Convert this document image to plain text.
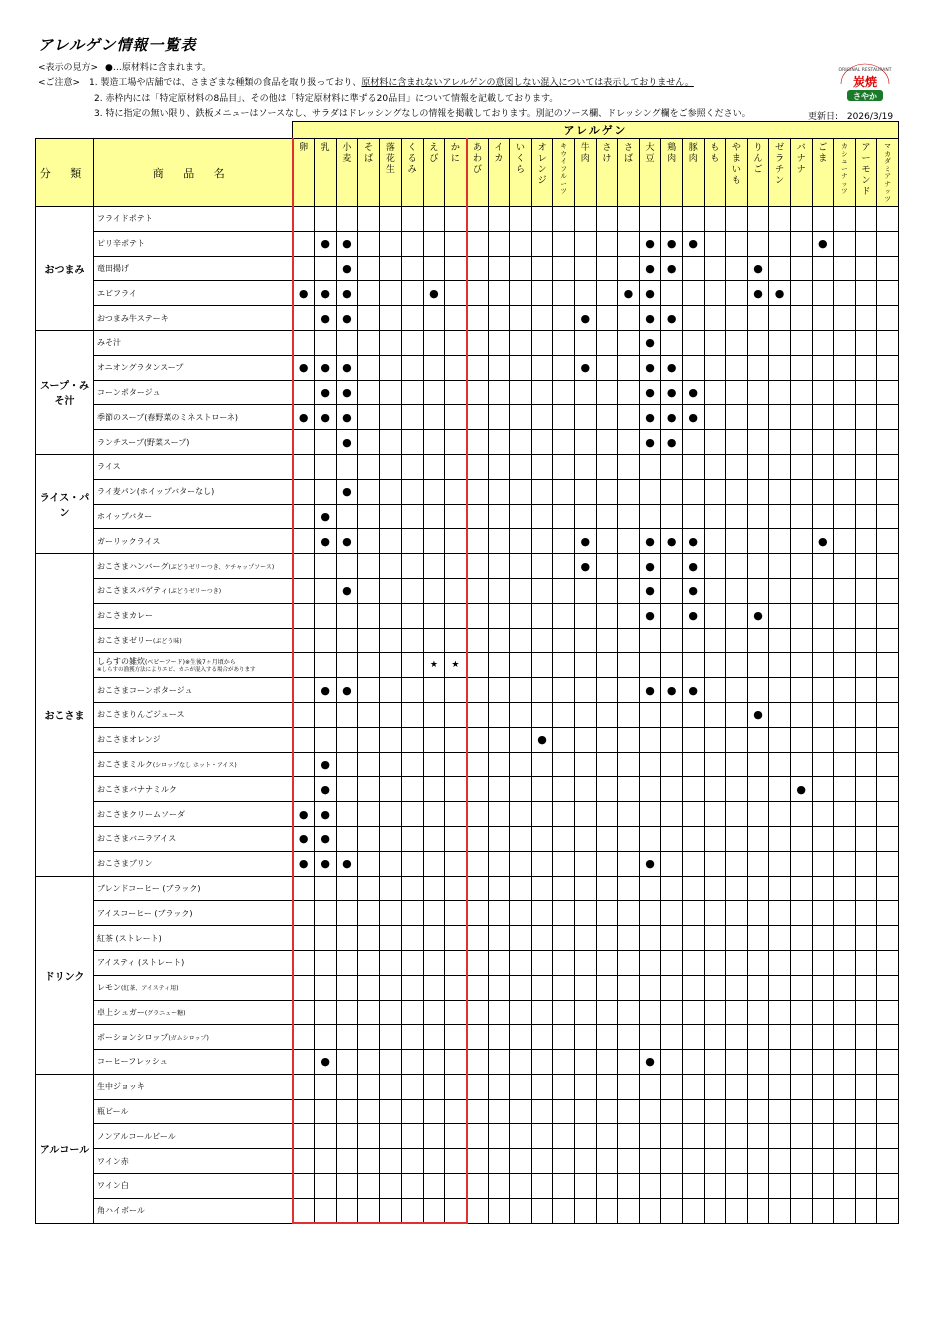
アレルゲン情報一覧表
<表示の見方> ●…原材料に含まれます。
<ご注意> 1. 製造工場や店舗では、さまざまな種類の食品を取り扱っており、原材料に含まれないアレルゲンの意図しない混入については表示しておりません。
2. 赤枠内には「特定原材料の8品目」、その他は「特定原材料に準ずる20品目」について情報を記載しております。
3. 特に指定の無い限り、鉄板メニューはソースなし、サラダはドレッシングなしの情報を掲載しております。別記のソース欄、ドレッシング欄をご参照ください。
ORIGINAL RESTAURANT
炭焼
さやか
更新日: 2026/3/19
		アレルゲン																											
分 類	商 品 名	卵	乳	小麦	そば	落花生	くるみ	えび	かに	あわび	イカ	いくら	オレンジ	キウイフルーツ	牛肉	さけ	さば	大豆	鶏肉	豚肉	もも	やまいも	りんご	ゼラチン	バナナ	ごま	カシューナッツ	アーモンド	マカダミアナッツ
おつまみ	フライドポテト																												
	ピリ辛ポテト		●	●														●	●	●						●			
	竜田揚げ			●														●	●				●						
	エビフライ	●	●	●				●									●	●					●	●					
	おつまみ牛ステーキ		●	●											●			●	●										
スープ・みそ汁	みそ汁																	●											
	オニオングラタンスープ	●	●	●											●			●	●										
	コーンポタージュ		●	●														●	●	●									
	季節のスープ(春野菜のミネストローネ)	●	●	●														●	●	●									
	ランチスープ(野菜スープ)			●														●	●										
ライス・パン	ライス																												
	ライ麦パン(ホイップバターなし)			●																									
	ホイップバター		●																										
	ガーリックライス		●	●											●			●	●	●						●			
おこさま	おこさまハンバーグ(ぶどうゼリーつき、ケチャップソース)														●			●		●									
	おこさまスパゲティ(ぶどうゼリーつき)			●														●		●									
	おこさまカレー																	●		●			●						
	おこさまゼリー(ぶどう味)																												
	しらすの雑炊(ベビーフード)※生後7ヶ月頃から
※しらすの漁獲方法によりエビ、カニが混入する場合があります							★	★																				
	おこさまコーンポタージュ		●	●														●	●	●									
	おこさまりんごジュース																						●						
	おこさまオレンジ												●																
	おこさまミルク(シロップなし ホット・アイス)		●																										
	おこさまバナナミルク		●																						●				
	おこさまクリームソーダ	●	●																										
	おこさまバニラアイス	●	●																										
	おこさまプリン	●	●	●														●											
ドリンク	ブレンドコーヒー (ブラック)																												
	アイスコーヒー (ブラック)																												
	紅茶 (ストレート)																												
	アイスティ (ストレート)																												
	レモン(紅茶、アイスティ用)																												
	卓上シュガー(グラニュー糖)																												
	ポーションシロップ(ガムシロップ)																												
	コーヒーフレッシュ		●															●											
アルコール	生中ジョッキ																												
	瓶ビール																												
	ノンアルコールビール																												
	ワイン赤																												
	ワイン白																												
	角ハイボール																												
